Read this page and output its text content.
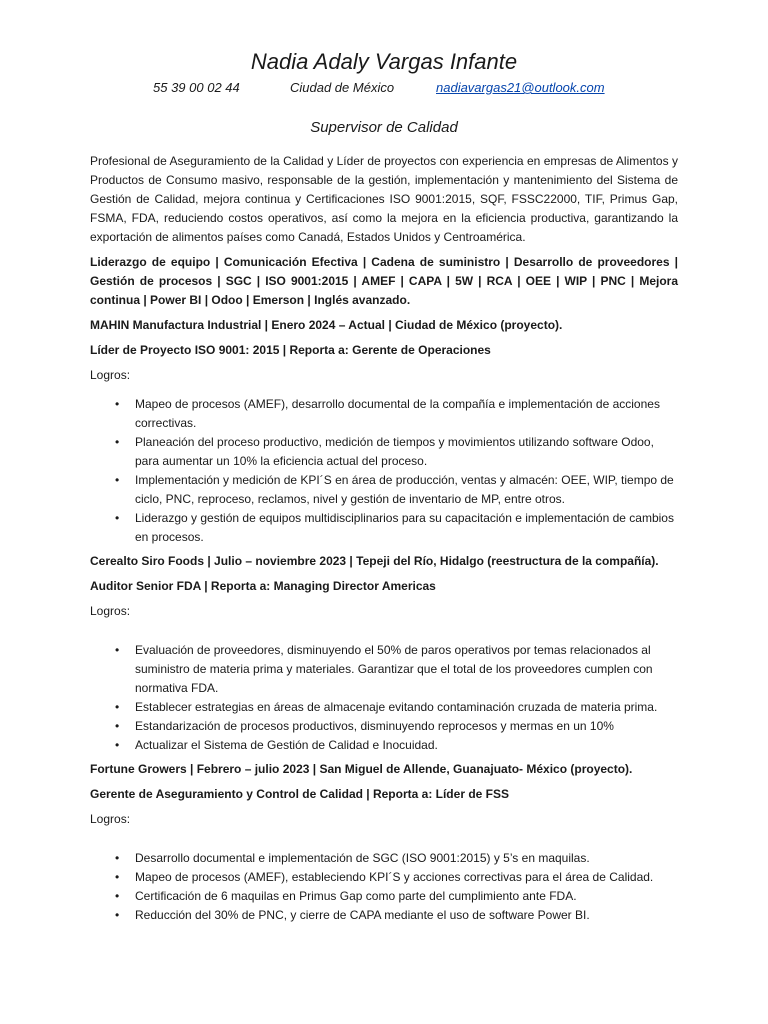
Nadia Adaly Vargas Infante
55 39 00 02 44	Ciudad de México	nadiavargas21@outlook.com
Supervisor de Calidad

Profesional de Aseguramiento de la Calidad y Líder de proyectos con experiencia en empresas de Alimentos y Productos de Consumo masivo, responsable de la gestión, implementación y mantenimiento del Sistema de Gestión de Calidad, mejora continua y Certificaciones ISO 9001:2015, SQF, FSSC22000, TIF, Primus Gap, FSMA, FDA, reduciendo costos operativos, así como la mejora en la eficiencia productiva, garantizando la exportación de alimentos países como Canadá, Estados Unidos y Centroamérica.

Liderazgo de equipo | Comunicación Efectiva | Cadena de suministro | Desarrollo de proveedores | Gestión de procesos | SGC | ISO 9001:2015 | AMEF | CAPA | 5W | RCA | OEE | WIP | PNC | Mejora continua | Power BI | Odoo | Emerson | Inglés avanzado.

MAHIN Manufactura Industrial | Enero 2024 – Actual | Ciudad de México (proyecto).
Líder de Proyecto ISO 9001: 2015 | Reporta a: Gerente de Operaciones
Logros:
• Mapeo de procesos (AMEF), desarrollo documental de la compañía e implementación de acciones correctivas.
• Planeación del proceso productivo, medición de tiempos y movimientos utilizando software Odoo, para aumentar un 10% la eficiencia actual del proceso.
• Implementación y medición de KPI´S en área de producción, ventas y almacén: OEE, WIP, tiempo de ciclo, PNC, reproceso, reclamos, nivel y gestión de inventario de MP, entre otros.
• Liderazgo y gestión de equipos multidisciplinarios para su capacitación e implementación de cambios en procesos.
Cerealto Siro Foods | Julio – noviembre 2023 | Tepeji del Río, Hidalgo (reestructura de la compañía).
Auditor Senior FDA | Reporta a: Managing Director Americas
Logros:
• Evaluación de proveedores, disminuyendo el 50% de paros operativos por temas relacionados al suministro de materia prima y materiales. Garantizar que el total de los proveedores cumplen con normativa FDA.
• Establecer estrategias en áreas de almacenaje evitando contaminación cruzada de materia prima.
• Estandarización de procesos productivos, disminuyendo reprocesos y mermas en un 10%
• Actualizar el Sistema de Gestión de Calidad e Inocuidad.
Fortune Growers | Febrero – julio 2023 | San Miguel de Allende, Guanajuato- México (proyecto).
Gerente de Aseguramiento y Control de Calidad | Reporta a: Líder de FSS
Logros:
• Desarrollo documental e implementación de SGC (ISO 9001:2015) y 5’s en maquilas.
• Mapeo de procesos (AMEF), estableciendo KPI´S y acciones correctivas para el área de Calidad.
• Certificación de 6 maquilas en Primus Gap como parte del cumplimiento ante FDA.
• Reducción del 30% de PNC, y cierre de CAPA mediante el uso de software Power BI.
